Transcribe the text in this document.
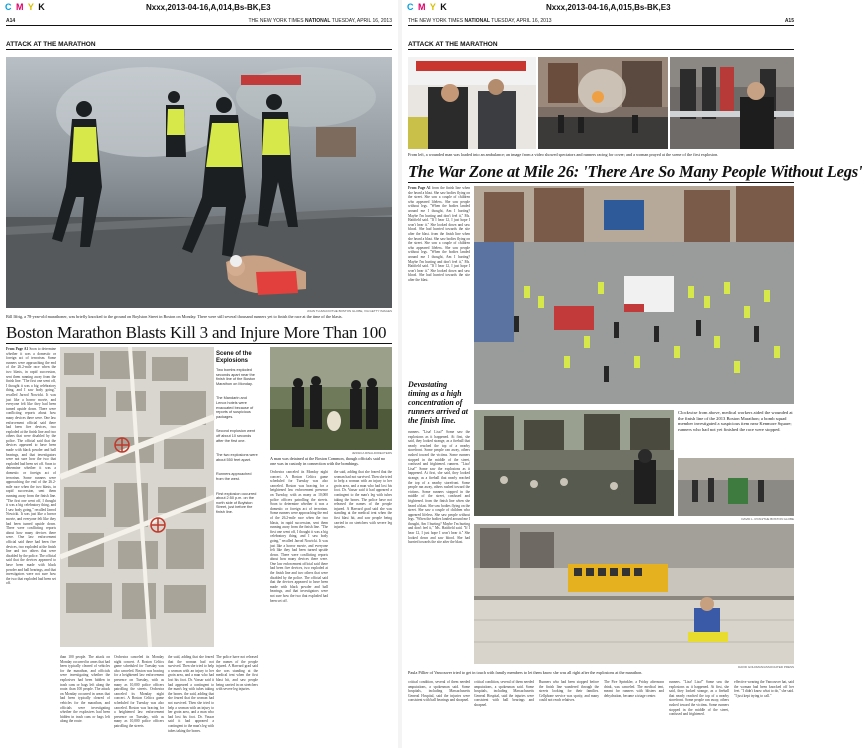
C M Y K	Nxxx,2013-04-16,A,014,Bs-BK,E3
A14	THE NEW YORK TIMES NATIONAL TUESDAY, APRIL 16, 2013
ATTACK AT THE MARATHON
JOHN TLUMACKI/THE BOSTON GLOBE, VIA GETTY IMAGES
Bill Iffrig, a 78-year-old marathoner, was briefly knocked to the ground on Boylston Street in Boston on Monday. There were still several thousand runners yet to finish the race at the time of the blasts.
Boston Marathon Blasts Kill 3 and Injure More Than 100
From Page A1 Soon to determine whether it was a domestic or foreign act of terrorism. Some runners were approaching the end of the 26.2-mile race when the two blasts, in rapid succession, sent them running away from the finish line. "The first one went off, I thought it was a big celebratory thing, and I saw body going," recalled Jarrod Nowicki. It was just like a horror movie, and everyone felt like they had been turned upside down. There were conflicting reports about how many devices there were. One law enforcement official said there had been five devices, two exploded at the finish line and two others that were disabled by the police. The official said that the devices appeared to have been made with black powder and ball bearings, and that investigators were not sure how the two that exploded had been set off. Soon to determine whether it was a domestic or foreign act of terrorism. Some runners were approaching the end of the 26.2-mile race when the two blasts, in rapid succession, sent them running away from the finish line. "The first one went off, I thought it was a big celebratory thing, and I saw body going," recalled Jarrod Nowicki. It was just like a horror movie, and everyone felt like they had been turned upside down. There were conflicting reports about how many devices there were. One law enforcement official said there had been five devices, two exploded at the finish line and two others that were disabled by the police. The official said that the devices appeared to have been made with black powder and ball bearings, and that investigators were not sure how the two that exploded had been set off.
Scene of the Explosions
Two bombs exploded seconds apart near the finish line of the Boston Marathon on Monday.
The Mandarin and Lenox hotels were evacuated because of reports of suspicious packages.
Second explosion went off about 10 seconds after the first one.
The two explosions were about 550 feet apart.
Runners approached from the west.
First explosion occurred about 2:50 p.m. on the north side of Boylston Street, just before the finish line.
JESSICA RINALDI/REUTERS
A man was detained at the Boston Common, though officials said no one was in custody in connection with the bombings.
than 100 people. The attack on Monday occurred in areas that had been typically cleared of vehicles for the marathon, and officials were investigating whether the explosives had been hidden in trash cans or bags left along the route. than 100 people. The attack on Monday occurred in areas that had been typically cleared of vehicles for the marathon, and officials were investigating whether the explosives had been hidden in trash cans or bags left along the route.
Orchestra canceled its Monday night concert. A Boston Celtics game scheduled for Tuesday was also canceled. Boston was bracing for a heightened law enforcement presence on Tuesday, with as many as 10,000 police officers patrolling the streets. Orchestra canceled its Monday night concert. A Boston Celtics game scheduled for Tuesday was also canceled. Boston was bracing for a heightened law enforcement presence on Tuesday, with as many as 10,000 police officers patrolling the streets.
the said, adding that she feared that the woman had not survived. Then she tried to help a woman with an injury to her groin area, and a man who had lost his foot. Dr. Vassar said it had appeared a contingent to the man's leg with tubes taking the bones. the said, adding that she feared that the woman had not survived. Then she tried to help a woman with an injury to her groin area, and a man who had lost his foot. Dr. Vassar said it had appeared a contingent to the man's leg with tubes taking the bones.
The police have not released the names of the people injured. A Harvard grad said she was standing at the medical tent when the first blast hit, and saw people being carried in on stretchers with severe leg injuries.
Orchestra canceled its Monday night concert. A Boston Celtics game scheduled for Tuesday was also canceled. Boston was bracing for a heightened law enforcement presence on Tuesday, with as many as 10,000 police officers patrolling the streets. Soon to determine whether it was a domestic or foreign act of terrorism. Some runners were approaching the end of the 26.2-mile race when the two blasts, in rapid succession, sent them running away from the finish line. "The first one went off, I thought it was a big celebratory thing, and I saw body going," recalled Jarrod Nowicki. It was just like a horror movie, and everyone felt like they had been turned upside down. There were conflicting reports about how many devices there were. One law enforcement official said there had been five devices, two exploded at the finish line and two others that were disabled by the police. The official said that the devices appeared to have been made with black powder and ball bearings, and that investigators were not sure how the two that exploded had been set off.
the said, adding that she feared that the woman had not survived. Then she tried to help a woman with an injury to her groin area, and a man who had lost his foot. Dr. Vassar said it had appeared a contingent to the man's leg with tubes taking the bones. The police have not released the names of the people injured. A Harvard grad said she was standing at the medical tent when the first blast hit, and saw people being carried in on stretchers with severe leg injuries.
C M Y K	Nxxx,2013-04-16,A,015,Bs-BK,E3
THE NEW YORK TIMES NATIONAL TUESDAY, APRIL 16, 2013	A15
ATTACK AT THE MARATHON
From left, a wounded man was loaded into an ambulance; an image from a video showed spectators and runners racing for cover; and a woman prayed at the scene of the first explosion.
The War Zone at Mile 26: 'There Are So Many People Without Legs'
From Page A1 from the finish line when she heard a blast. She saw bodies flying on the street. She saw a couple of children who appeared lifeless. She saw people without legs. "When the bodies landed around me I thought, Am I hurting? Maybe I'm hurting and don't feel it," Ms. Haitfield said. "If I hear 12, I just hope I won't hear it." She looked down and saw blood. She had hurried towards the site after the blast. from the finish line when she heard a blast. She saw bodies flying on the street. She saw a couple of children who appeared lifeless. She saw people without legs. "When the bodies landed around me I thought, Am I hurting? Maybe I'm hurting and don't feel it," Ms. Haitfield said. "If I hear 12, I just hope I won't hear it." She looked down and saw blood. She had hurried towards the site after the blast.
Devastating timing as a high concentration of runners arrived at the finish line.
runners. "Lisa! Lisa!" Some saw the explosions as it happened. At first, she said, they looked strange, as a fireball that nearly reached the top of a nearby storefront. Some people ran away, others rushed toward the victims. Some runners stopped in the middle of the street, confused and frightened. runners. "Lisa! Lisa!" Some saw the explosions as it happened. At first, she said, they looked strange, as a fireball that nearly reached the top of a nearby storefront. Some people ran away, others rushed toward the victims. Some runners stopped in the middle of the street, confused and frightened. from the finish line when she heard a blast. She saw bodies flying on the street. She saw a couple of children who appeared lifeless. She saw people without legs. "When the bodies landed around me I thought, Am I hurting? Maybe I'm hurting and don't feel it," Ms. Haitfield said. "If I hear 12, I just hope I won't hear it." She looked down and saw blood. She had hurried towards the site after the blast.
Clockwise from above, medical workers aided the wounded at the finish line of the 2013 Boston Marathon; a bomb squad member investigated a suspicious item near Kenmore Square; runners who had not yet finished the race were stopped.
DAVID L. RYAN/THE BOSTON GLOBE
DAVID GOLDMAN/ASSOCIATED PRESS
Paula Pillier of Vancouver tried to get in touch with family members to let them know she was all right after the explosions at the marathon.
critical condition, several of them needed amputations, a spokesman said. Some hospitals, including Massachusetts General Hospital, said the injuries were consistent with ball bearings and shrapnel.
Runners who had been stopped before the finish line wandered through the streets looking for their families. Cellphone service was spotty, and many could not reach relatives.
The Fire Sprinkler, a Friday afternoon drink, was canceled. The medical tent, meant for runners with blisters and dehydration, became a triage center.
runners. "Lisa! Lisa!" Some saw the explosions as it happened. At first, she said, they looked strange, as a fireball that nearly reached the top of a nearby storefront. Some people ran away, others rushed toward the victims. Some runners stopped in the middle of the street, confused and frightened.
effective wearing the Vancouver hat, said the woman had been knocked off her feet. "I didn't know what to do," she said. "I just kept trying to call."
critical condition, several of them needed amputations, a spokesman said. Some hospitals, including Massachusetts General Hospital, said the injuries were consistent with ball bearings and shrapnel.
